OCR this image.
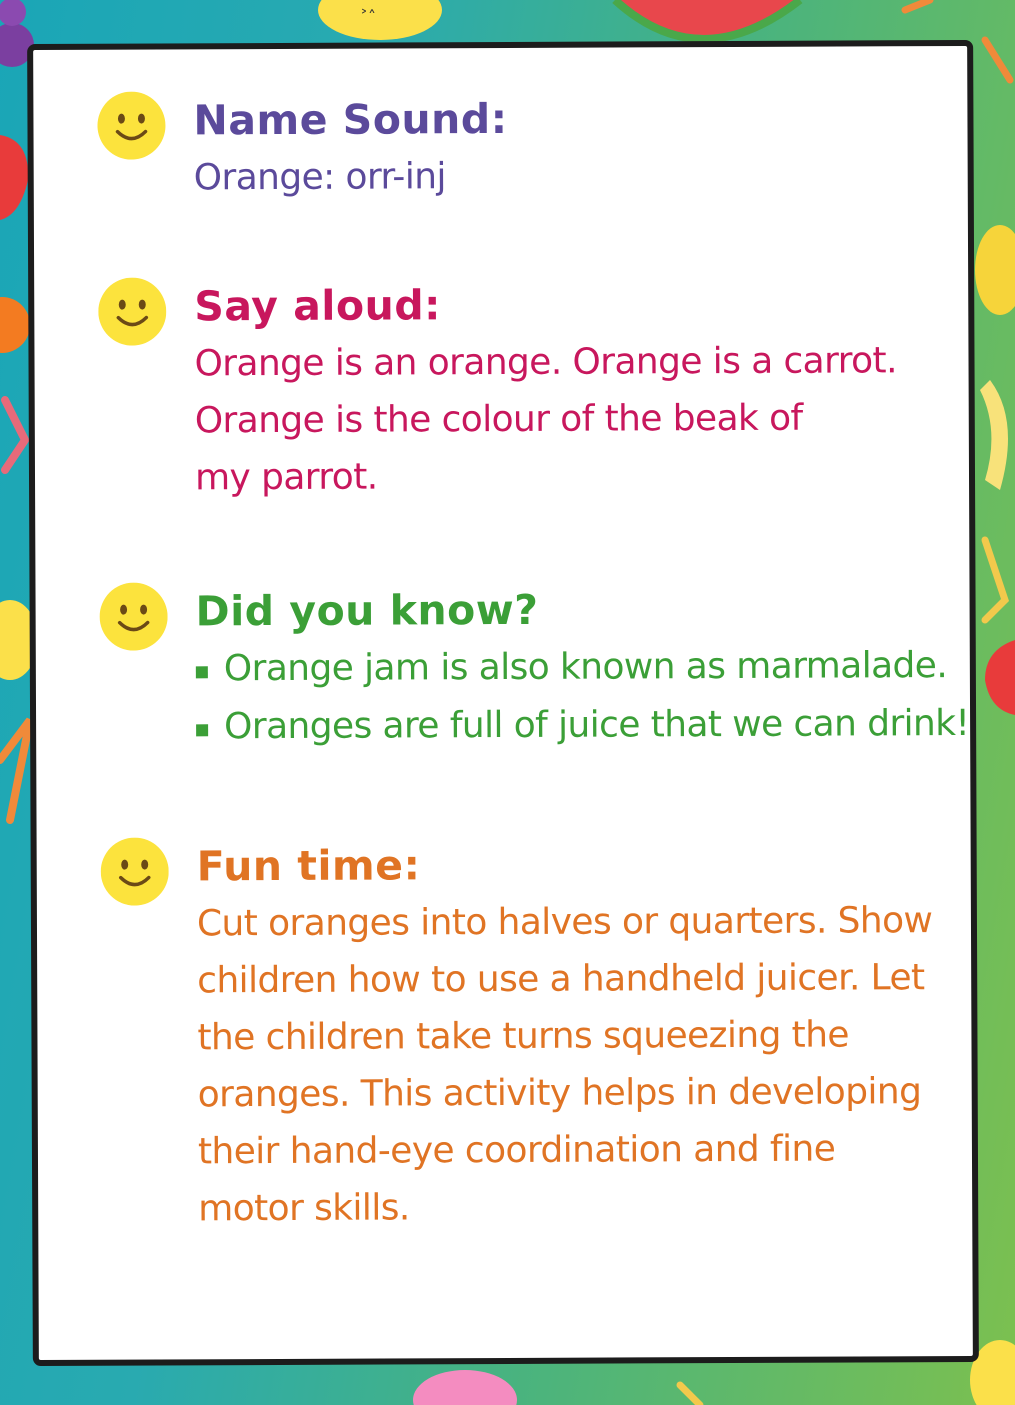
˃˄
Name Sound:

Orange: orr-inj

Say aloud:

Orange is an orange. Orange is a carrot.

Orange is the colour of the beak of

my parrot.

Did you know?
Orange jam is also known as marmalade.
Oranges are full of juice that we can drink!
Fun time:

Cut oranges into halves or quarters. Show

children how to use a handheld juicer. Let

the children take turns squeezing the

oranges. This activity helps in developing

their hand-eye coordination and fine

motor skills.
